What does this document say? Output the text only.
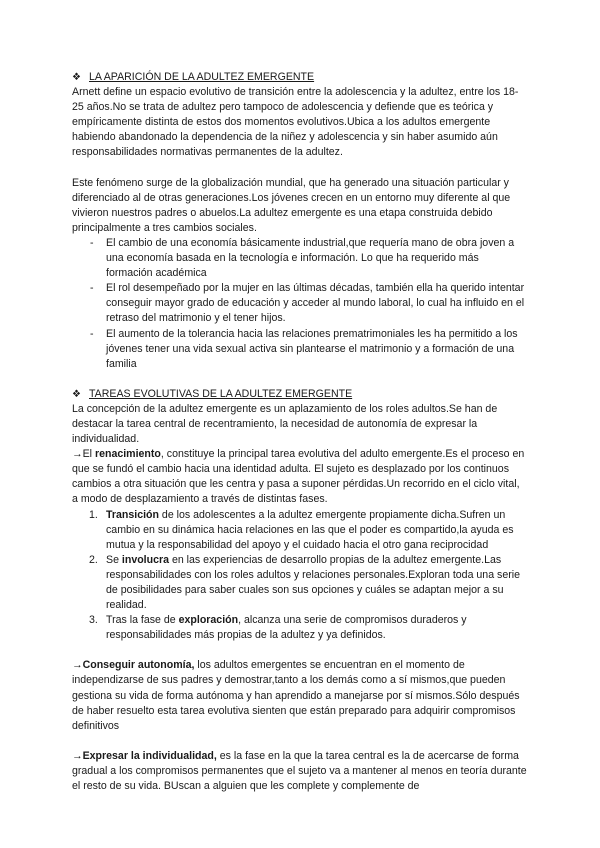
❖ LA APARICIÓN DE LA ADULTEZ EMERGENTE

Arnett define un espacio evolutivo de transición entre la adolescencia y la adultez, entre los 18-25 años.No se trata de adultez pero tampoco de adolescencia y defiende que es teórica y empíricamente distinta de estos dos momentos evolutivos.Ubica a los adultos emergente habiendo abandonado la dependencia de la niñez y adolescencia y sin haber asumido aún responsabilidades normativas permanentes de la adultez.

Este fenómeno surge de la globalización mundial, que ha generado una situación particular y diferenciado al de otras generaciones.Los jóvenes crecen en un entorno muy diferente al que vivieron nuestros padres o abuelos.La adultez emergente es una etapa construida debido principalmente a tres cambios sociales.

- El cambio de una economía básicamente industrial,que requería mano de obra joven a una economía basada en la tecnología e información. Lo que ha requerido más formación académica
- El rol desempeñado por la mujer en las últimas décadas, también ella ha querido intentar conseguir mayor grado de educación y acceder al mundo laboral, lo cual ha influido en el retraso del matrimonio y el tener hijos.
- El aumento de la tolerancia hacia las relaciones prematrimoniales les ha permitido a los jóvenes tener una vida sexual activa sin plantearse el matrimonio y a formación de una familia
❖ TAREAS EVOLUTIVAS DE LA ADULTEZ EMERGENTE

La concepción de la adultez emergente es un aplazamiento de los roles adultos.Se han de destacar la tarea central de recentramiento, la necesidad de autonomía de expresar la individualidad.

→El renacimiento, constituye la principal tarea evolutiva del adulto emergente.Es el proceso en que se fundó el cambio hacia una identidad adulta. El sujeto es desplazado por los continuos cambios a otra situación que les centra y pasa a suponer pérdidas.Un recorrido en el ciclo vital, a modo de desplazamiento a través de distintas fases.

1. Transición de los adolescentes a la adultez emergente propiamente dicha.Sufren un cambio en su dinámica hacia relaciones en las que el poder es compartido,la ayuda es mutua y la responsabilidad del apoyo y el cuidado hacia el otro gana reciprocidad
2. Se involucra en las experiencias de desarrollo propias de la adultez emergente.Las responsabilidades con los roles adultos y relaciones personales.Exploran toda una serie de posibilidades para saber cuales son sus opciones y cuáles se adaptan mejor a su realidad.
3. Tras la fase de exploración, alcanza una serie de compromisos duraderos y responsabilidades más propias de la adultez y ya definidos.

→Conseguir autonomía, los adultos emergentes se encuentran en el momento de independizarse de sus padres y demostrar,tanto a los demás como a sí mismos,que pueden gestiona su vida de forma autónoma y han aprendido a manejarse por sí mismos.Sólo después de haber resuelto esta tarea evolutiva sienten que están preparado para adquirir compromisos definitivos

→Expresar la individualidad, es la fase en la que la tarea central es la de acercarse de forma gradual a los compromisos permanentes que el sujeto va a mantener al menos en teoría durante el resto de su vida. BUscan a alguien que les complete y complemente de
